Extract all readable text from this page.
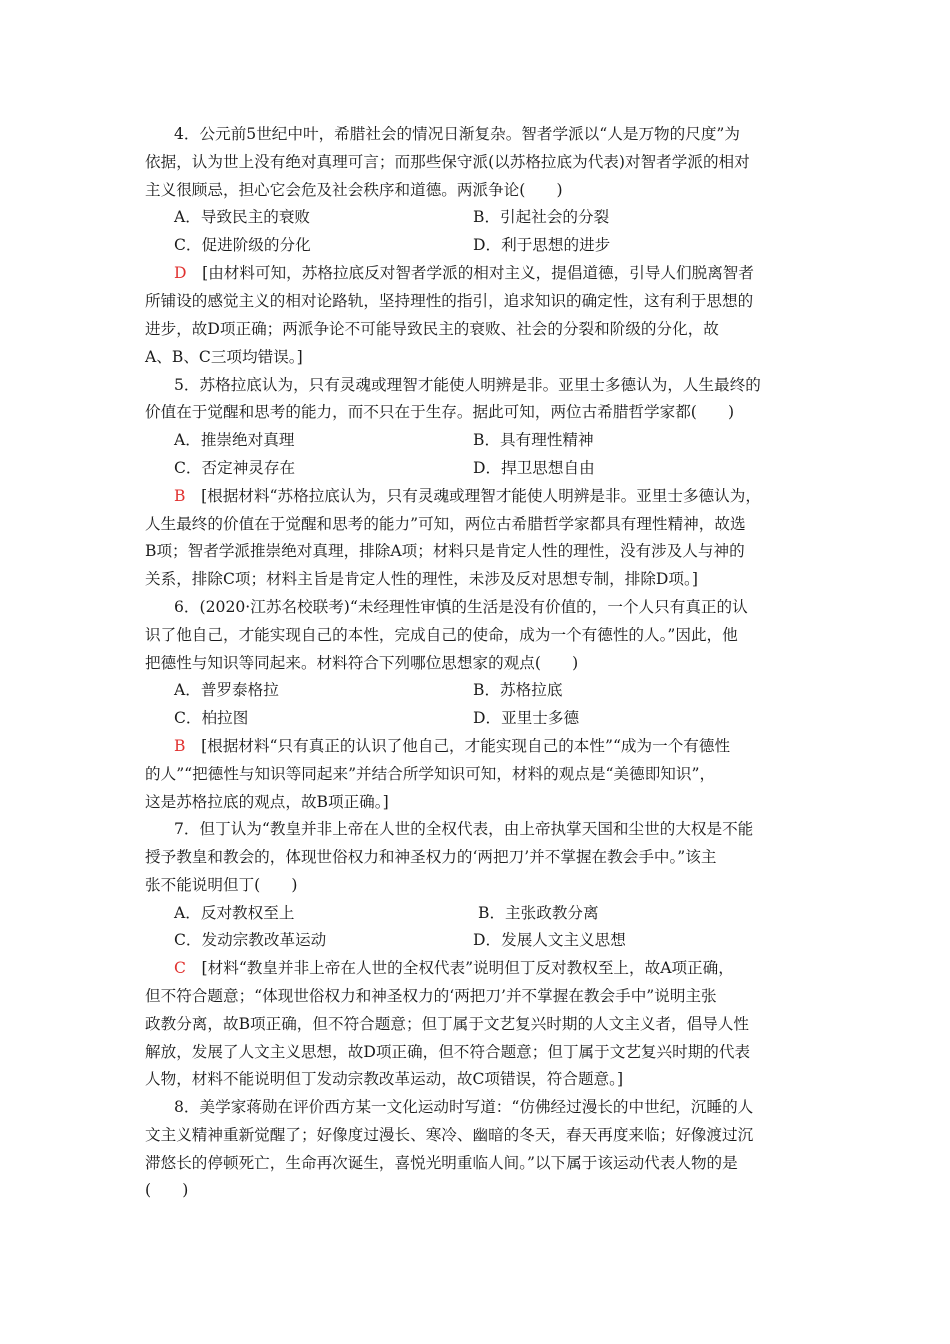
4．公元前5世纪中叶，希腊社会的情况日渐复杂。智者学派以“人是万物的尺度”为
依据，认为世上没有绝对真理可言；而那些保守派(以苏格拉底为代表)对智者学派的相对
主义很顾忌，担心它会危及社会秩序和道德。两派争论(　　)
A．导致民主的衰败	B．引起社会的分裂
C．促进阶级的分化	D．利于思想的进步
D　 [由材料可知，苏格拉底反对智者学派的相对主义，提倡道德，引导人们脱离智者
所铺设的感觉主义的相对论路轨，坚持理性的指引，追求知识的确定性，这有利于思想的
进步，故D项正确；两派争论不可能导致民主的衰败、社会的分裂和阶级的分化，故
A、B、C三项均错误。]
5．苏格拉底认为，只有灵魂或理智才能使人明辨是非。亚里士多德认为，人生最终的
价值在于觉醒和思考的能力，而不只在于生存。据此可知，两位古希腊哲学家都(　　)
A．推崇绝对真理	B．具有理性精神
C．否定神灵存在	D．捍卫思想自由
B　 [根据材料“苏格拉底认为，只有灵魂或理智才能使人明辨是非。亚里士多德认为，
人生最终的价值在于觉醒和思考的能力”可知，两位古希腊哲学家都具有理性精神，故选
B项；智者学派推崇绝对真理，排除A项；材料只是肯定人性的理性，没有涉及人与神的
关系，排除C项；材料主旨是肯定人性的理性，未涉及反对思想专制，排除D项。]
6．(2020·江苏名校联考)“未经理性审慎的生活是没有价值的，一个人只有真正的认
识了他自己，才能实现自己的本性，完成自己的使命，成为一个有德性的人。”因此，他
把德性与知识等同起来。材料符合下列哪位思想家的观点(　　)
A．普罗泰格拉	B．苏格拉底
C．柏拉图	D．亚里士多德
B　 [根据材料“只有真正的认识了他自己，才能实现自己的本性”“成为一个有德性
的人”“把德性与知识等同起来”并结合所学知识可知，材料的观点是“美德即知识”，
这是苏格拉底的观点，故B项正确。]
7．但丁认为“教皇并非上帝在人世的全权代表，由上帝执掌天国和尘世的大权是不能
授予教皇和教会的，体现世俗权力和神圣权力的‘两把刀’并不掌握在教会手中。”该主
张不能说明但丁(　　)
A．反对教权至上	B．主张政教分离
C．发动宗教改革运动	D．发展人文主义思想
C　 [材料“教皇并非上帝在人世的全权代表”说明但丁反对教权至上，故A项正确，
但不符合题意；“体现世俗权力和神圣权力的‘两把刀’并不掌握在教会手中”说明主张
政教分离，故B项正确，但不符合题意；但丁属于文艺复兴时期的人文主义者，倡导人性
解放，发展了人文主义思想，故D项正确，但不符合题意；但丁属于文艺复兴时期的代表
人物，材料不能说明但丁发动宗教改革运动，故C项错误，符合题意。]
8．美学家蒋勋在评价西方某一文化运动时写道：“仿佛经过漫长的中世纪，沉睡的人
文主义精神重新觉醒了；好像度过漫长、寒冷、幽暗的冬天，春天再度来临；好像渡过沉
滞悠长的停顿死亡，生命再次诞生，喜悦光明重临人间。”以下属于该运动代表人物的是
(　　)
